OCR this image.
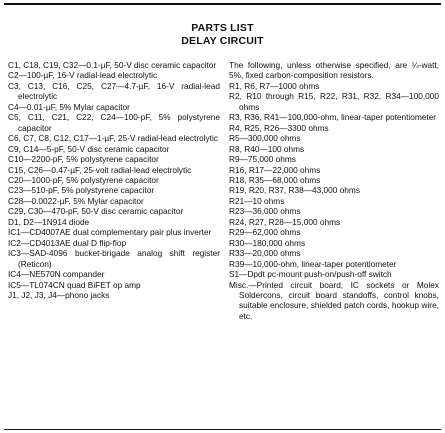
PARTS LIST
DELAY CIRCUIT

C1, C18, C19, C32—0.1-µF, 50-V disc ceramic capacitor

C2—100-µF, 16-V radial-lead electrolytic

C3, C13, C16, C25, C27—4.7-µF, 16-V radial-lead electrolytic

C4—0.01-µF, 5% Mylar capacitor

C5, C11, C21, C22, C24—100-pF, 5% polystyrene capacitor

C6, C7, C8, C12, C17—1-µF, 25-V radial-lead electrolytic

C9, C14—5-pF, 50-V disc ceramic capacitor

C10—2200-pF, 5% polystyrene capacitor

C15, C26—0.47-µF, 25-volt radial-lead electrolytic

C20—1000-pF, 5% polystyrene capacitor

C23—510-pF, 5% polystyrene capacitor

C28—0.0022-µF, 5% Mylar capacitor

C29, C30—470-pF, 50-V disc ceramic capacitor

D1, D2—1N914 diode

IC1—CD4007AE dual complementary pair plus inverter

IC2—CD4013AE dual D flip-flop

IC3—SAD-4096 bucket-brigade analog shift register (Reticon)

IC4—NE570N compander

IC5—TL074CN quad BiFET op amp

J1, J2, J3, J4—phono jacks

The following, unless otherwise specified, are ¼-watt, 5%, fixed carbon-composition resistors.

R1, R6, R7—1000 ohms

R2, R10 through R15, R22, R31, R32, R34—100,000 ohms

R3, R36, R41—100,000-ohm, linear-taper potentiometer

R4, R25, R26—3300 ohms

R5—300,000 ohms

R8, R40—100 ohms

R9—75,000 ohms

R16, R17—22,000 ohms

R18, R35—68,000 ohms

R19, R20, R37, R38—43,000 ohms

R21—10 ohms

R23—36,000 ohms

R24, R27, R28—15,000 ohms

R29—62,000 ohms

R30—180,000 ohms

R33—20,000 ohms

R39—10,000-ohm, linear-taper potentiometer

S1—Dpdt pc-mount push-on/push-off switch

Misc.—Printed circuit board, IC sockets or Molex Soldercons, circuit board standoffs, control knobs, suitable enclosure, shielded patch cords, hookup wire, etc.
